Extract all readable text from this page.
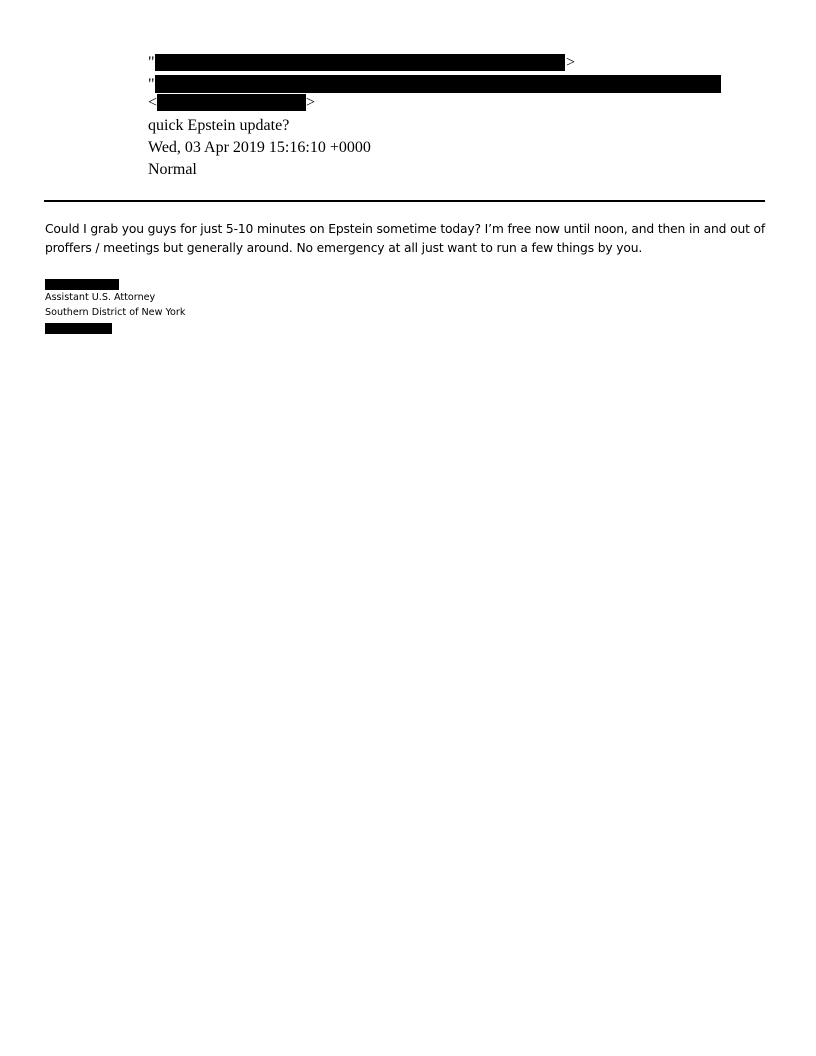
"	>
"
<	>
quick Epstein update?
Wed, 03 Apr 2019 15:16:10 +0000
Normal
Could I grab you guys for just 5-10 minutes on Epstein sometime today? I’m free now until noon, and then in and out of proffers / meetings but generally around. No emergency at all just want to run a few things by you.
Assistant U.S. Attorney
Southern District of New York
